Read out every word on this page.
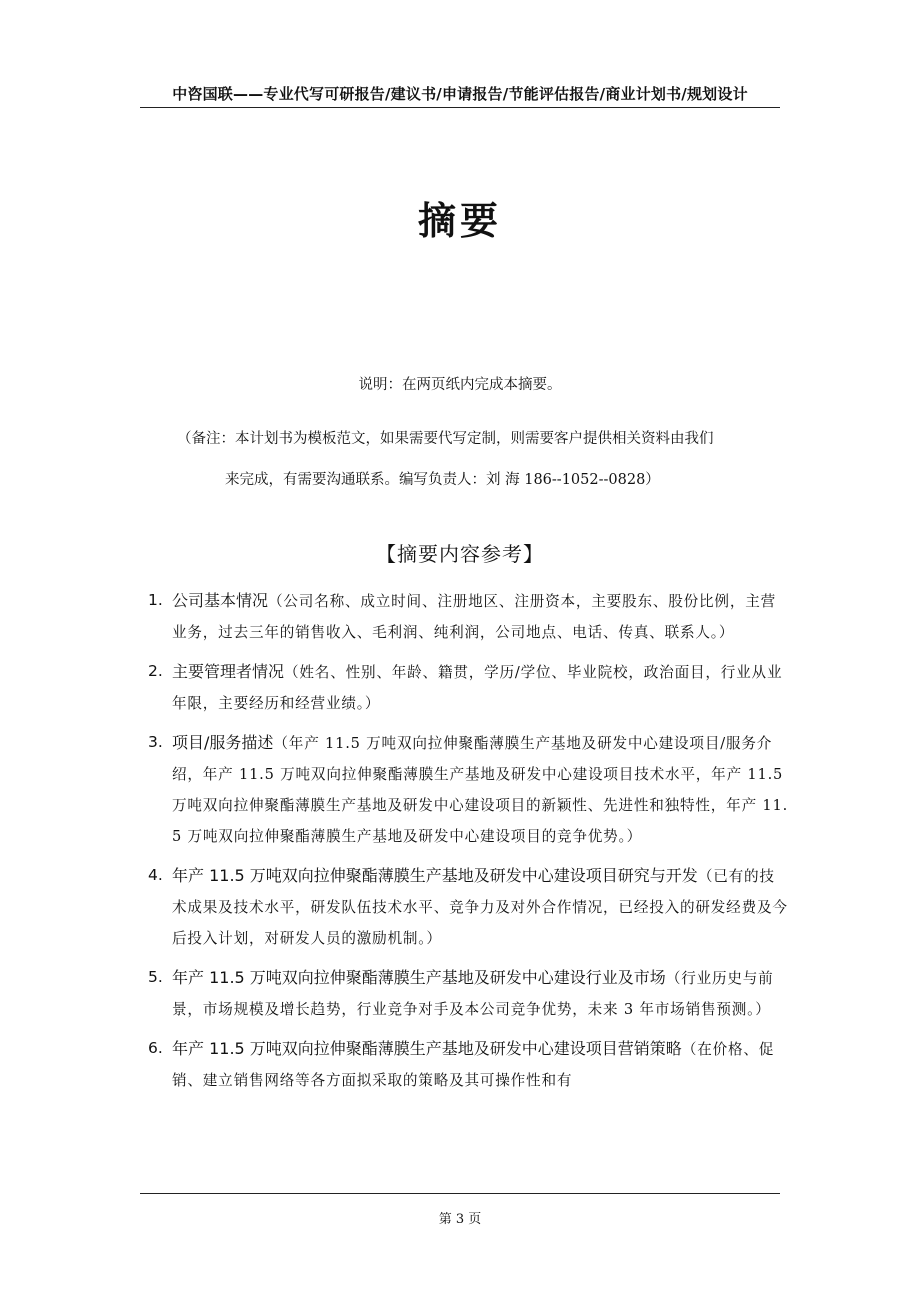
中咨国联——专业代写可研报告/建议书/申请报告/节能评估报告/商业计划书/规划设计
摘要
说明：在两页纸内完成本摘要。
（备注：本计划书为模板范文，如果需要代写定制，则需要客户提供相关资料由我们
来完成，有需要沟通联系。编写负责人：刘 海 186--1052--0828）
【摘要内容参考】
1. 公司基本情况（公司名称、成立时间、注册地区、注册资本，主要股东、股份比例，主营业务，过去三年的销售收入、毛利润、纯利润，公司地点、电话、传真、联系人。）
2. 主要管理者情况（姓名、性别、年龄、籍贯，学历/学位、毕业院校，政治面目，行业从业年限，主要经历和经营业绩。）
3. 项目/服务描述（年产 11.5 万吨双向拉伸聚酯薄膜生产基地及研发中心建设项目/服务介绍，年产 11.5 万吨双向拉伸聚酯薄膜生产基地及研发中心建设项目技术水平，年产 11.5 万吨双向拉伸聚酯薄膜生产基地及研发中心建设项目的新颖性、先进性和独特性，年产 11.5 万吨双向拉伸聚酯薄膜生产基地及研发中心建设项目的竞争优势。）
4. 年产 11.5 万吨双向拉伸聚酯薄膜生产基地及研发中心建设项目研究与开发（已有的技术成果及技术水平，研发队伍技术水平、竞争力及对外合作情况，已经投入的研发经费及今后投入计划，对研发人员的激励机制。）
5. 年产 11.5 万吨双向拉伸聚酯薄膜生产基地及研发中心建设行业及市场（行业历史与前景，市场规模及增长趋势，行业竞争对手及本公司竞争优势，未来 3 年市场销售预测。）
6. 年产 11.5 万吨双向拉伸聚酯薄膜生产基地及研发中心建设项目营销策略（在价格、促销、建立销售网络等各方面拟采取的策略及其可操作性和有
第 3 页
